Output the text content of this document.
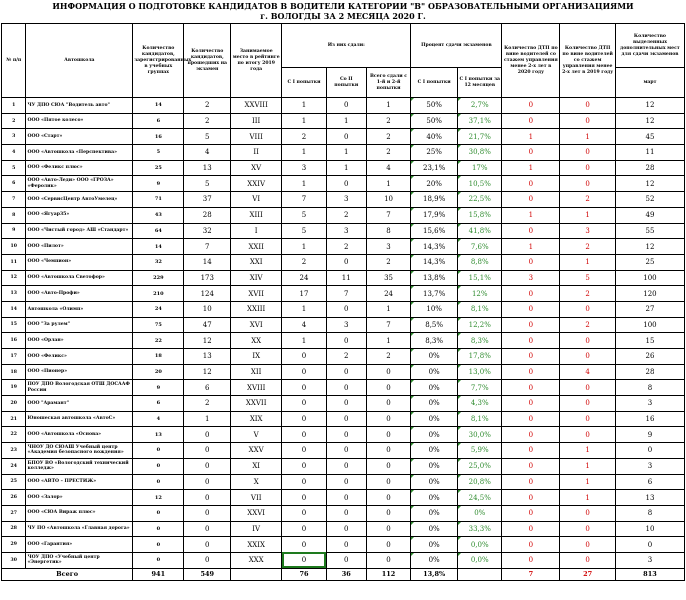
ИНФОРМАЦИЯ О ПОДГОТОВКЕ КАНДИДАТОВ В ВОДИТЕЛИ КАТЕГОРИИ "В" ОБРАЗОВАТЕЛЬНЫМИ ОРГАНИЗАЦИЯМИ
г. ВОЛОГДЫ ЗА 2 МЕСЯЦА 2020 Г.
№ п/п	Автошкола	Количество кандидатов, зарегистрированных в учебных группах	Количество кандидатов, прошедших на экзамен	Занимаемое место в рейтинге по итогу 2019 года	Из них сдали:			Процент сдачи экзаменов		Количество ДТП по вине водителей со стажем управления менее 2-х лет в 2020 году	Количество ДТП по вине водителей со стажем управления менее 2-х лет в 2019 году	Количество выделенных дополнительных мест для сдачи экзаменов
					С I попытки	Со II попытки	Всего сдали с 1-й и 2-й попытки	С I попытки	С I попытки за 12 месяцев			март
1	ЧУ ДПО СЮА "Водитель авто"	14	2	XXVIII	1	0	1	50%	2,7%	0	0	12
2	ООО «Пятое колесо»	6	2	III	1	1	2	50%	37,1%	0	0	12
3	ООО «Старт»	16	5	VIII	2	0	2	40%	21,7%	1	1	45
4	ООО «Автошкола «Перспектива»	5	4	II	1	1	2	25%	30,8%	0	0	11
5	ООО «Феликс плюс»	25	13	XV	3	1	4	23,1%	17%	1	0	28
6	ООО «Авто-Леди» ООО «ГРОЗА» «Феролик»	9	5	XXIV	1	0	1	20%	10,5%	0	0	12
7	ООО «СервисЦентр АвтоУмелец»	71	37	VI	7	3	10	18,9%	22,5%	0	2	52
8	ООО «Ягуар35»	43	28	XIII	5	2	7	17,9%	15,8%	1	1	49
9	ООО «Чистый город» АШ «Стандарт»	64	32	I	5	3	8	15,6%	41,8%	0	3	55
10	ООО «Пилот»	14	7	XXII	1	2	3	14,3%	7,6%	1	2	12
11	ООО «Чемпион»	32	14	XXI	2	0	2	14,3%	8,8%	0	1	25
12	ООО «Автошкола Светофор»	229	173	XIV	24	11	35	13,8%	15,1%	3	5	100
13	ООО «Авто-Профи»	210	124	XVII	17	7	24	13,7%	12%	0	2	120
14	Автошкола «Олимп»	24	10	XXIII	1	0	1	10%	8,1%	0	0	27
15	ООО "За рулем"	75	47	XVI	4	3	7	8,5%	12,2%	0	2	100
16	ООО «Орлан»	22	12	XX	1	0	1	8,3%	8,3%	0	0	15
17	ООО «Феликс»	18	13	IX	0	2	2	0%	17,8%	0	0	26
18	ООО «Пионер»	20	12	XII	0	0	0	0%	13,0%	0	4	28
19	ПОУ ДПО Вологодская ОТШ ДОСААФ России	9	6	XVIII	0	0	0	0%	7,7%	0	0	8
20	ООО "Арамант"	6	2	XXVII	0	0	0	0%	4,3%	0	0	3
21	Юношеская автошкола «АвтоС»	4	1	XIX	0	0	0	0%	8,1%	0	0	16
22	ООО «Автошкола «Основа»	13	0	V	0	0	0	0%	30,0%	0	0	9
23	ЧНОУ ДО СЮАШ Учебный центр «Академия безопасного вождения»	0	0	XXV	0	0	0	0%	5,9%	0	1	0
24	БПОУ ВО «Вологодский технический колледж»	0	0	XI	0	0	0	0%	25,0%	0	1	3
25	ООО «АВТО – ПРЕСТИЖ»	0	0	X	0	0	0	0%	20,8%	0	1	6
26	ООО «Залор»	12	0	VII	0	0	0	0%	24,5%	0	1	13
27	ООО «СЮА Вираж плюс»	0	0	XXVI	0	0	0	0%	0%	0	0	8
28	ЧУ ПО «Автошкола «Главная дорога»	0	0	IV	0	0	0	0%	33,3%	0	0	10
29	ООО «Гарантия»	0	0	XXIX	0	0	0	0%	0,0%	0	0	0
30	ЧОУ ДПО «Учебный центр «Энергетик»	0	0	XXX	0	0	0	0%	0,0%	0	0	3
Всего		941	549		76	36	112	13,8%		7	27	813
